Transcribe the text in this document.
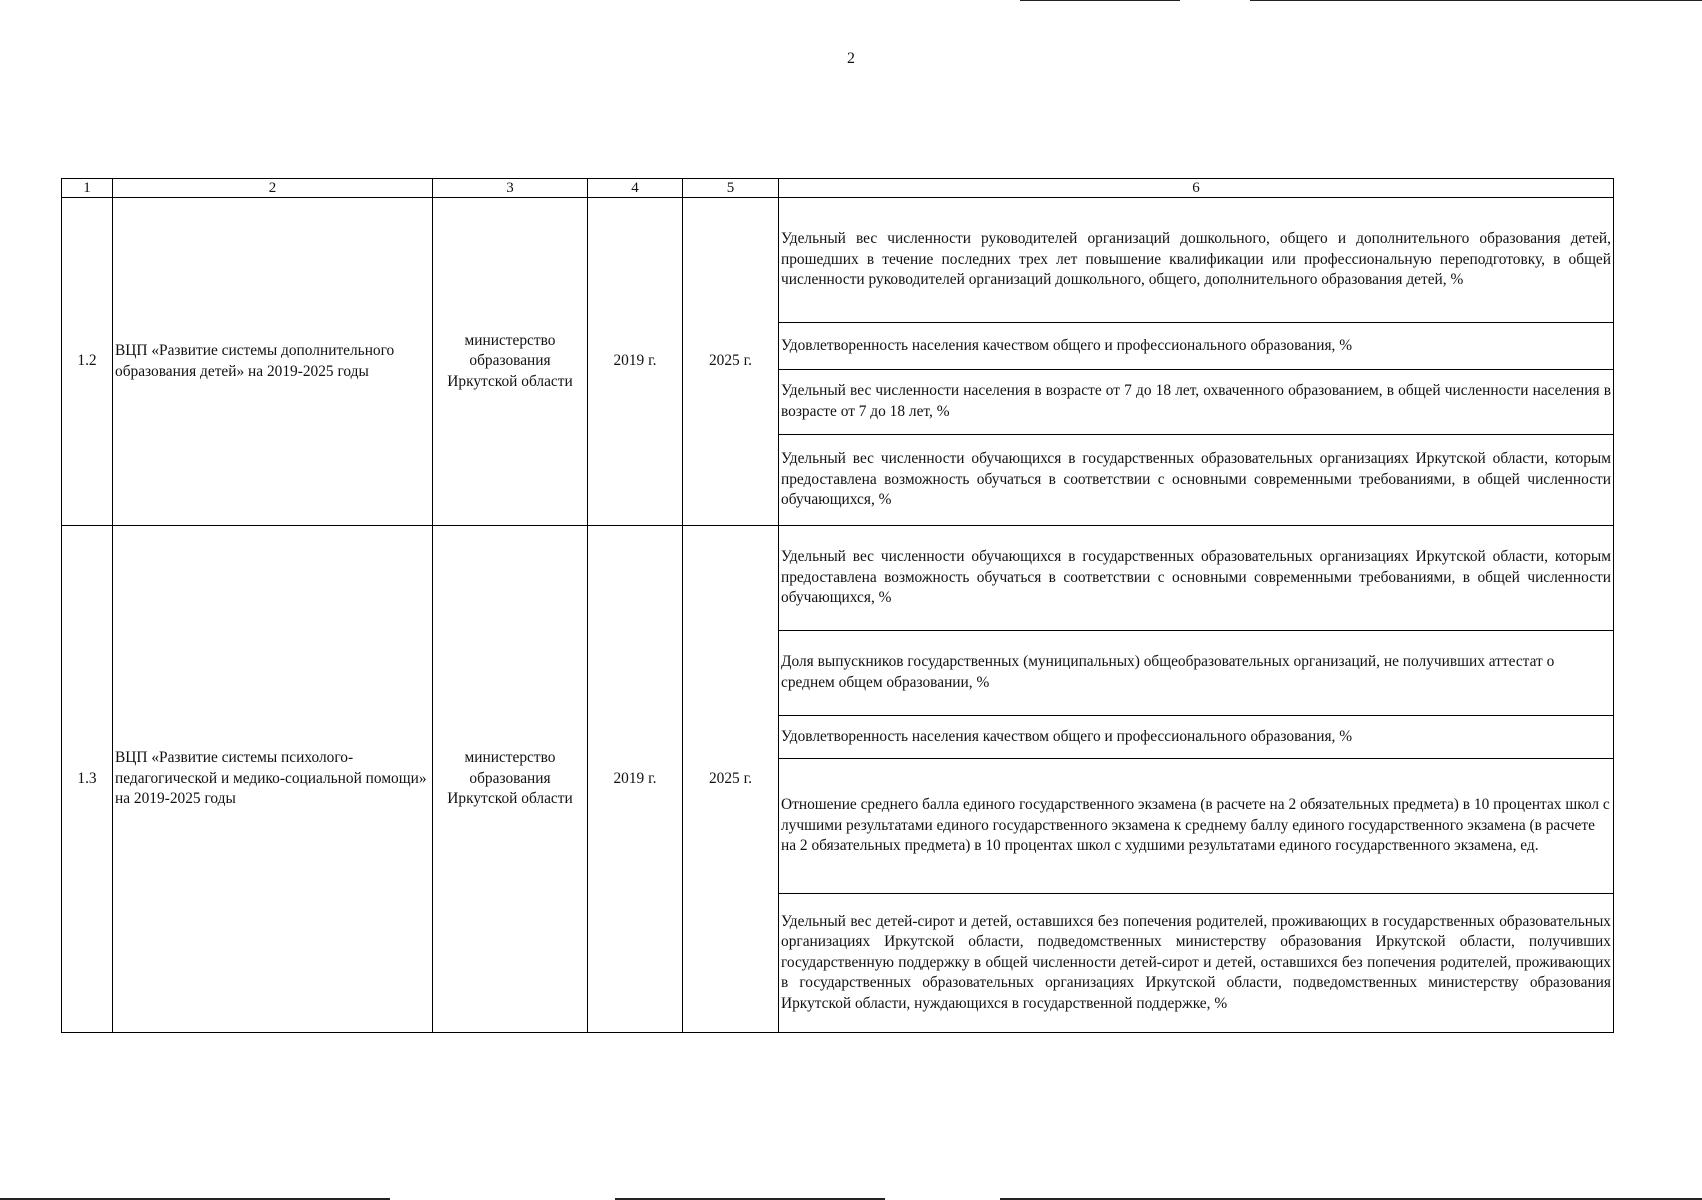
2
1	2	3	4	5	6
1.2	ВЦП «Развитие системы дополнительного образования детей» на 2019-2025 годы	министерство образования Иркутской области	2019 г.	2025 г.	Удельный вес численности руководителей организаций дошкольного, общего и дополнительного образования детей, прошедших в течение последних трех лет повышение квалификации или профессиональную переподготовку, в общей численности руководителей организаций дошкольного, общего, дополнительного образования детей, %
					Удовлетворенность населения качеством общего и профессионального образования, %
					Удельный вес численности населения в возрасте от 7 до 18 лет, охваченного образованием, в общей численности населения в возрасте от 7 до 18 лет, %
					Удельный вес численности обучающихся в государственных образовательных организациях Иркутской области, которым предоставлена возможность обучаться в соответствии с основными современными требованиями, в общей численности обучающихся, %
1.3	ВЦП «Развитие системы психолого-педагогической и медико-социальной помощи» на 2019-2025 годы	министерство образования Иркутской области	2019 г.	2025 г.	Удельный вес численности обучающихся в государственных образовательных организациях Иркутской области, которым предоставлена возможность обучаться в соответствии с основными современными требованиями, в общей численности обучающихся, %
					Доля выпускников государственных (муниципальных) общеобразовательных организаций, не получивших аттестат о среднем общем образовании, %
					Удовлетворенность населения качеством общего и профессионального образования, %
					Отношение среднего балла единого государственного экзамена (в расчете на 2 обязательных предмета) в 10 процентах школ с лучшими результатами единого государственного экзамена к среднему баллу единого государственного экзамена (в расчете на 2 обязательных предмета) в 10 процентах школ с худшими результатами единого государственного экзамена, ед.
					Удельный вес детей-сирот и детей, оставшихся без попечения родителей, проживающих в государственных образовательных организациях Иркутской области, подведомственных министерству образования Иркутской области, получивших государственную поддержку в общей численности детей-сирот и детей, оставшихся без попечения родителей, проживающих в государственных образовательных организациях Иркутской области, подведомственных министерству образования Иркутской области, нуждающихся в государственной поддержке, %
